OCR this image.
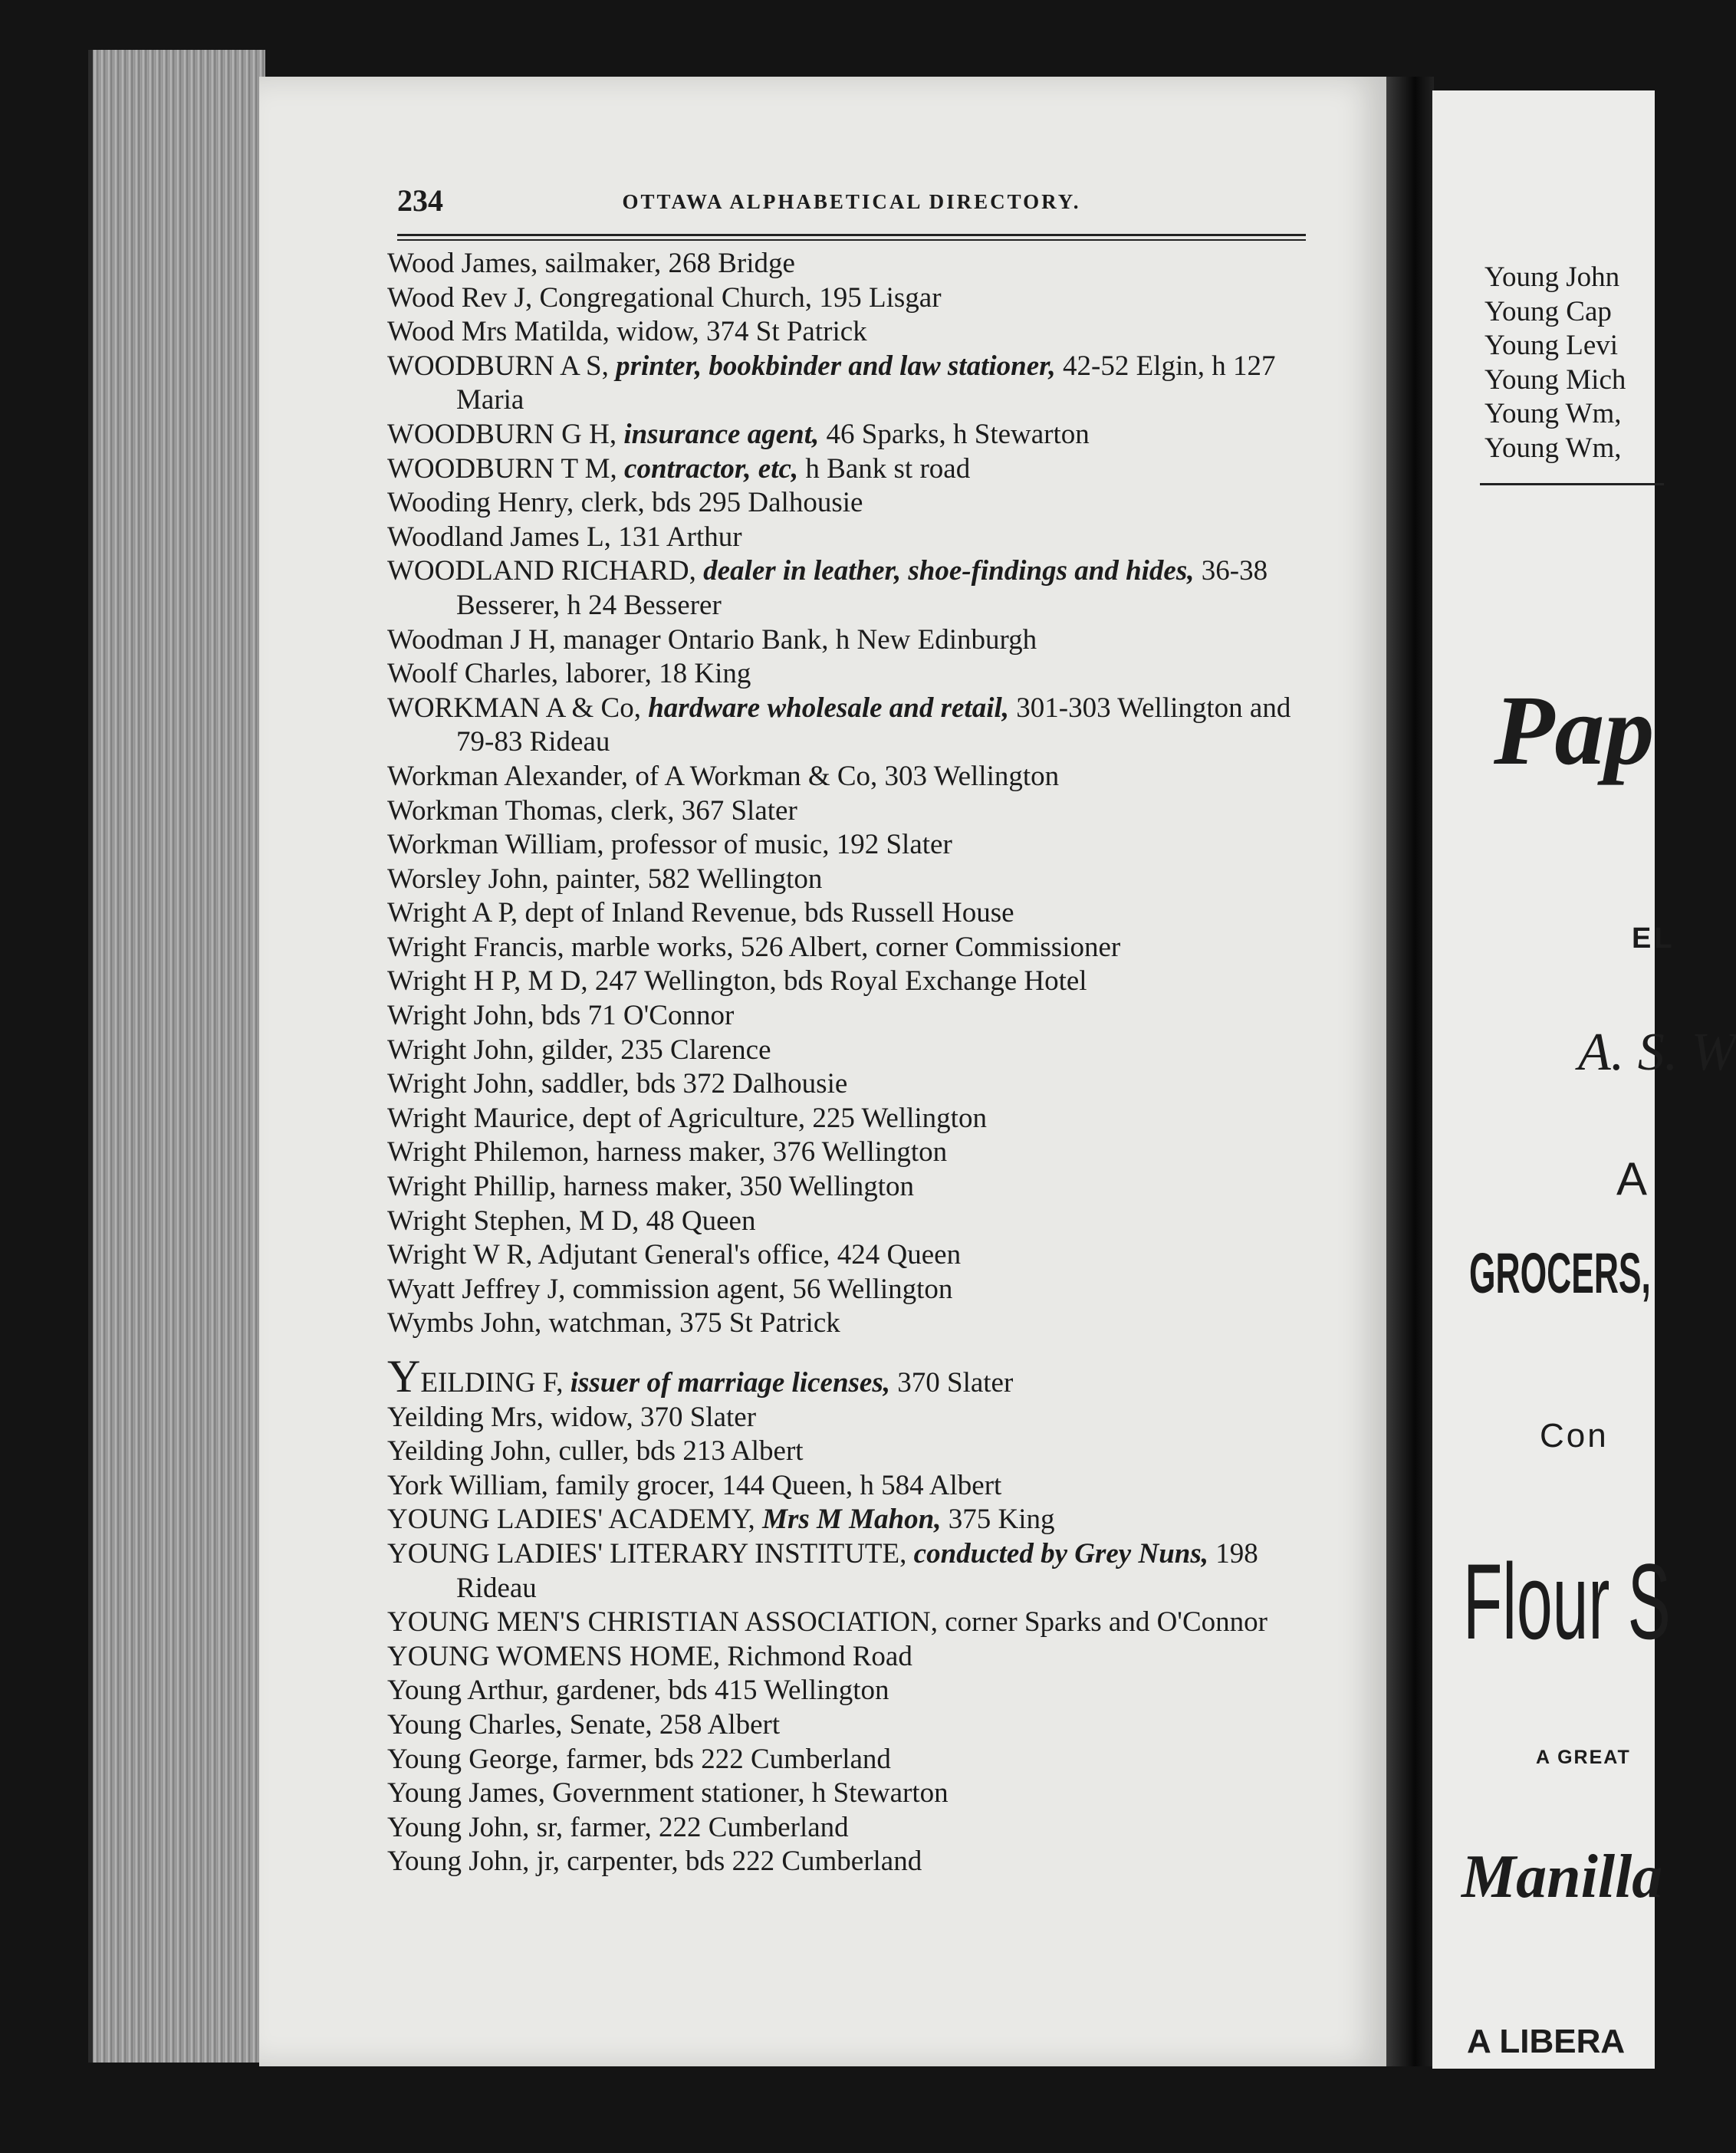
234	OTTAWA ALPHABETICAL DIRECTORY.
Wood James, sailmaker, 268 Bridge
Wood Rev J, Congregational Church, 195 Lisgar
Wood Mrs Matilda, widow, 374 St Patrick
WOODBURN A S, printer, bookbinder and law stationer, 42-52 Elgin, h 127 Maria
WOODBURN G H, insurance agent, 46 Sparks, h Stewarton
WOODBURN T M, contractor, etc, h Bank st road
Wooding Henry, clerk, bds 295 Dalhousie
Woodland James L, 131 Arthur
WOODLAND RICHARD, dealer in leather, shoe-findings and hides, 36-38 Besserer, h 24 Besserer
Woodman J H, manager Ontario Bank, h New Edinburgh
Woolf Charles, laborer, 18 King
WORKMAN A & Co, hardware wholesale and retail, 301-303 Wellington and 79-83 Rideau
Workman Alexander, of A Workman & Co, 303 Wellington
Workman Thomas, clerk, 367 Slater
Workman William, professor of music, 192 Slater
Worsley John, painter, 582 Wellington
Wright A P, dept of Inland Revenue, bds Russell House
Wright Francis, marble works, 526 Albert, corner Commissioner
Wright H P, M D, 247 Wellington, bds Royal Exchange Hotel
Wright John, bds 71 O'Connor
Wright John, gilder, 235 Clarence
Wright John, saddler, bds 372 Dalhousie
Wright Maurice, dept of Agriculture, 225 Wellington
Wright Philemon, harness maker, 376 Wellington
Wright Phillip, harness maker, 350 Wellington
Wright Stephen, M D, 48 Queen
Wright W R, Adjutant General's office, 424 Queen
Wyatt Jeffrey J, commission agent, 56 Wellington
Wymbs John, watchman, 375 St Patrick
YEILDING F, issuer of marriage licenses, 370 Slater
Yeilding Mrs, widow, 370 Slater
Yeilding John, culler, bds 213 Albert
York William, family grocer, 144 Queen, h 584 Albert
YOUNG LADIES' ACADEMY, Mrs M Mahon, 375 King
YOUNG LADIES' LITERARY INSTITUTE, conducted by Grey Nuns, 198 Rideau
YOUNG MEN'S CHRISTIAN ASSOCIATION, corner Sparks and O'Connor
YOUNG WOMENS HOME, Richmond Road
Young Arthur, gardener, bds 415 Wellington
Young Charles, Senate, 258 Albert
Young George, farmer, bds 222 Cumberland
Young James, Government stationer, h Stewarton
Young John, sr, farmer, 222 Cumberland
Young John, jr, carpenter, bds 222 Cumberland
Young John
Young Cap
Young Levi
Young Mich
Young Wm,
Young Wm,
Pap
EL
A. S. W
A
GROCERS,
Con
Flour S
A GREAT
Manilla
A LIBERA
